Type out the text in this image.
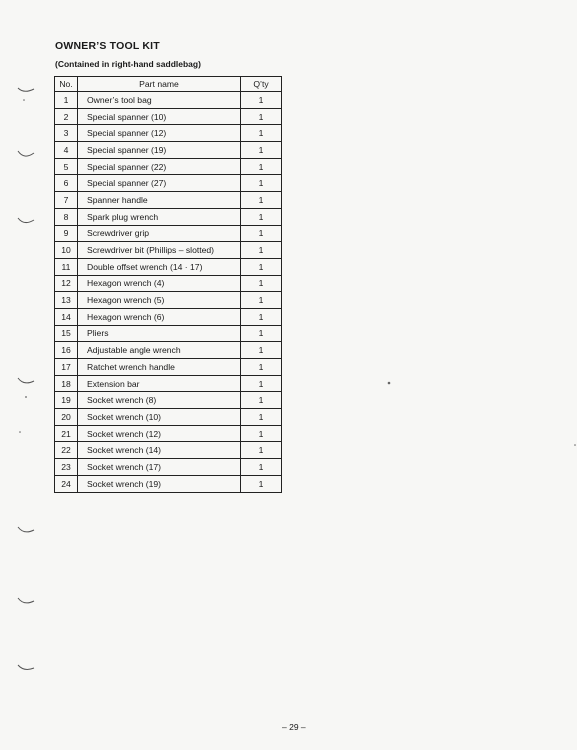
OWNER’S TOOL KIT
(Contained in right-hand saddlebag)
No.	Part name	Q’ty
1	Owner’s tool bag	1
2	Special spanner (10)	1
3	Special spanner (12)	1
4	Special spanner (19)	1
5	Special spanner (22)	1
6	Special spanner (27)	1
7	Spanner handle	1
8	Spark plug wrench	1
9	Screwdriver grip	1
10	Screwdriver bit (Phillips – slotted)	1
11	Double offset wrench (14 · 17)	1
12	Hexagon wrench (4)	1
13	Hexagon wrench (5)	1
14	Hexagon wrench (6)	1
15	Pliers	1
16	Adjustable angle wrench	1
17	Ratchet wrench handle	1
18	Extension bar	1
19	Socket wrench (8)	1
20	Socket wrench (10)	1
21	Socket wrench (12)	1
22	Socket wrench (14)	1
23	Socket wrench (17)	1
24	Socket wrench (19)	1
– 29 –
